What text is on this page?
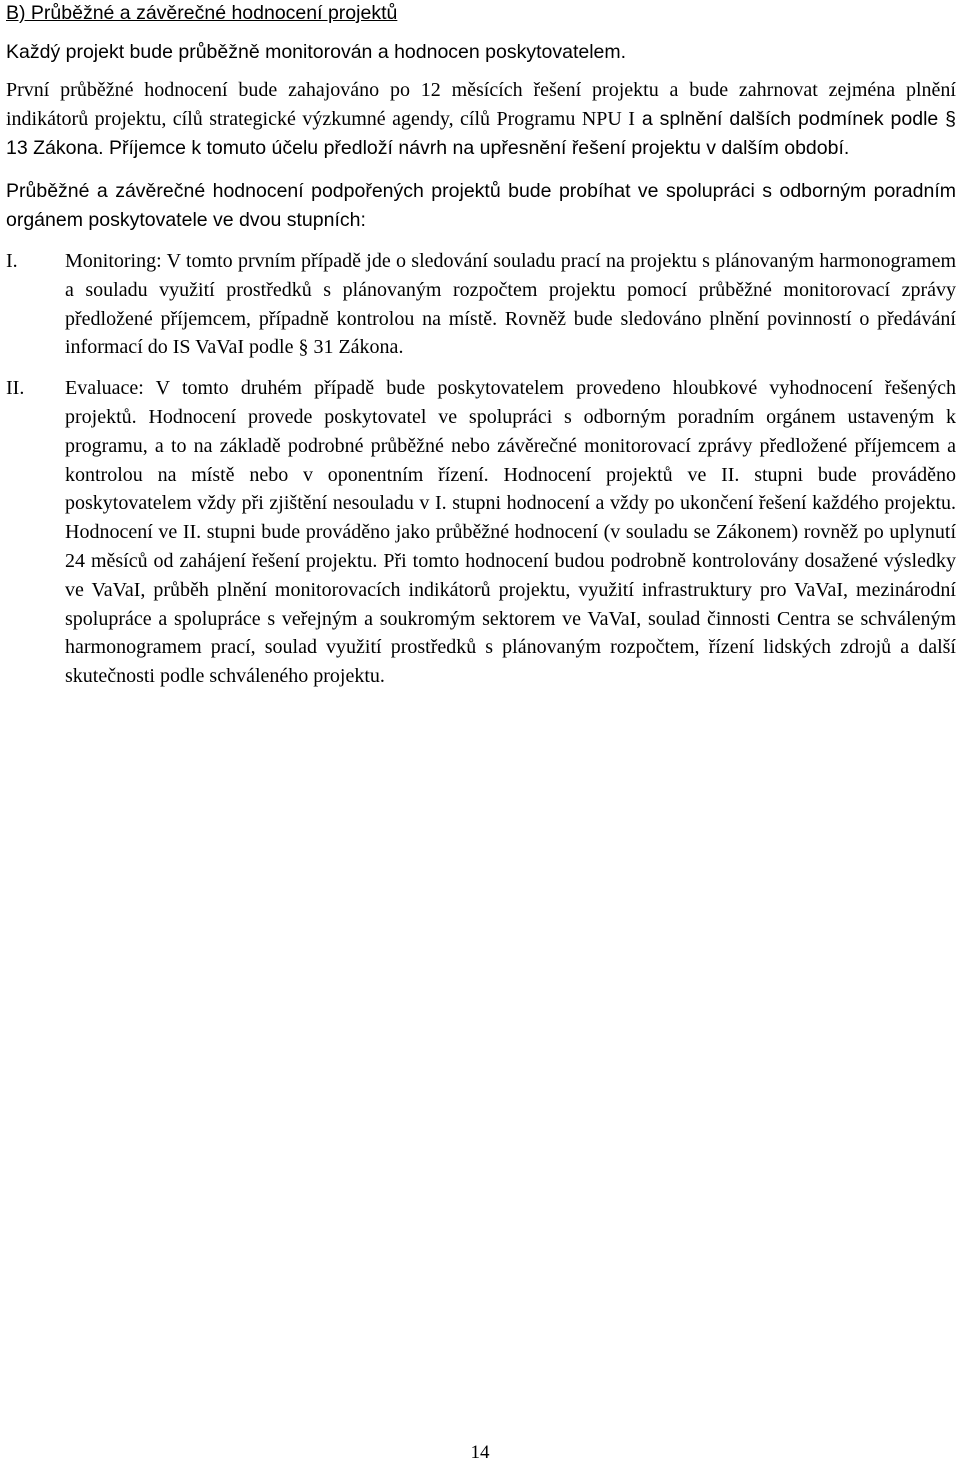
B) Průběžné a závěrečné hodnocení projektů

Každý projekt bude průběžně monitorován a hodnocen poskytovatelem.

První průběžné hodnocení bude zahajováno po 12 měsících řešení projektu a bude zahrnovat zejména plnění indikátorů projektu, cílů strategické výzkumné agendy, cílů Programu NPU I a splnění dalších podmínek podle § 13 Zákona. Příjemce k tomuto účelu předloží návrh na upřesnění řešení projektu v dalším období.

Průběžné a závěrečné hodnocení podpořených projektů bude probíhat ve spolupráci s odborným poradním orgánem poskytovatele ve dvou stupních:

I.	Monitoring: V tomto prvním případě jde o sledování souladu prací na projektu s plánovaným harmonogramem a souladu využití prostředků s plánovaným rozpočtem projektu pomocí průběžné monitorovací zprávy předložené příjemcem, případně kontrolou na místě. Rovněž bude sledováno plnění povinností o předávání informací do IS VaVaI podle § 31 Zákona.
II.	Evaluace: V tomto druhém případě bude poskytovatelem provedeno hloubkové vyhodnocení řešených projektů. Hodnocení provede poskytovatel ve spolupráci s odborným poradním orgánem ustaveným k programu, a to na základě podrobné průběžné nebo závěrečné monitorovací zprávy předložené příjemcem a kontrolou na místě nebo v oponentním řízení. Hodnocení projektů ve II. stupni bude prováděno poskytovatelem vždy při zjištění nesouladu v I. stupni hodnocení a vždy po ukončení řešení každého projektu. Hodnocení ve II. stupni bude prováděno jako průběžné hodnocení (v souladu se Zákonem) rovněž po uplynutí 24 měsíců od zahájení řešení projektu. Při tomto hodnocení budou podrobně kontrolovány dosažené výsledky ve VaVaI, průběh plnění monitorovacích indikátorů projektu, využití infrastruktury pro VaVaI, mezinárodní spolupráce a spolupráce s veřejným a soukromým sektorem ve VaVaI, soulad činnosti Centra se schváleným harmonogramem prací, soulad využití prostředků s plánovaným rozpočtem, řízení lidských zdrojů a další skutečnosti podle schváleného projektu.
14
